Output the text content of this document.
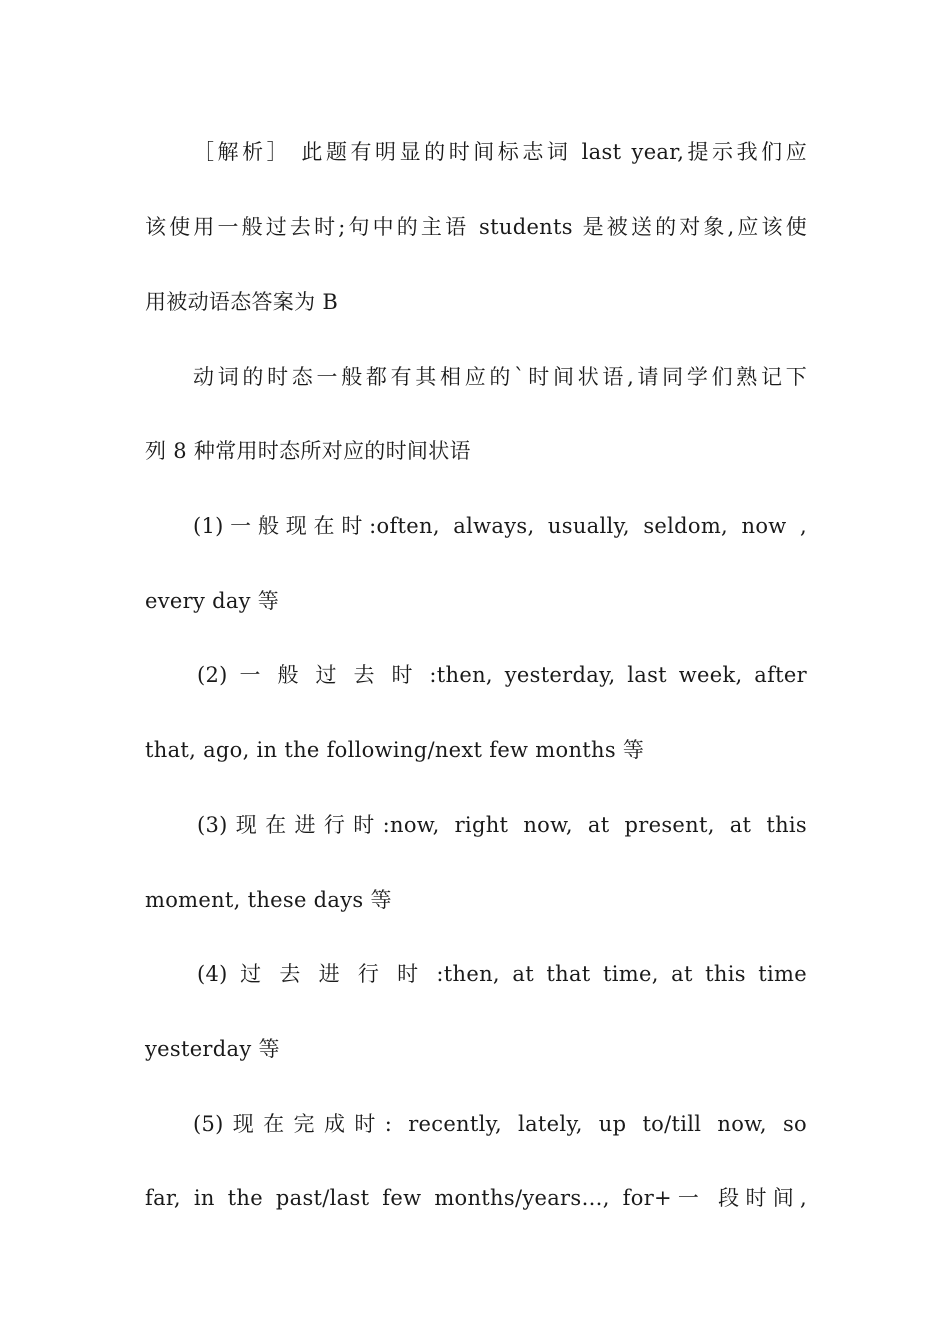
［解析］ 此题有明显的时间标志词 last year,提示我们应
该使用一般过去时;句中的主语 students 是被送的对象,应该使
用被动语态答案为 B
动词的时态一般都有其相应的`时间状语,请同学们熟记下
列 8 种常用时态所对应的时间状语
(1)一般现在时:often, always, usually, seldom, now ,
every day 等
(2) 一 般 过 去 时 :then, yesterday, last week, after
that, ago, in the following/next few months 等
(3)现在进行时:now, right now, at present, at this
moment, these days 等
(4) 过 去 进 行 时 :then, at that time, at this time
yesterday 等
(5)现在完成时: recently, lately, up to/till now, so
far, in the past/last few months/years…, for+一 段时间,
